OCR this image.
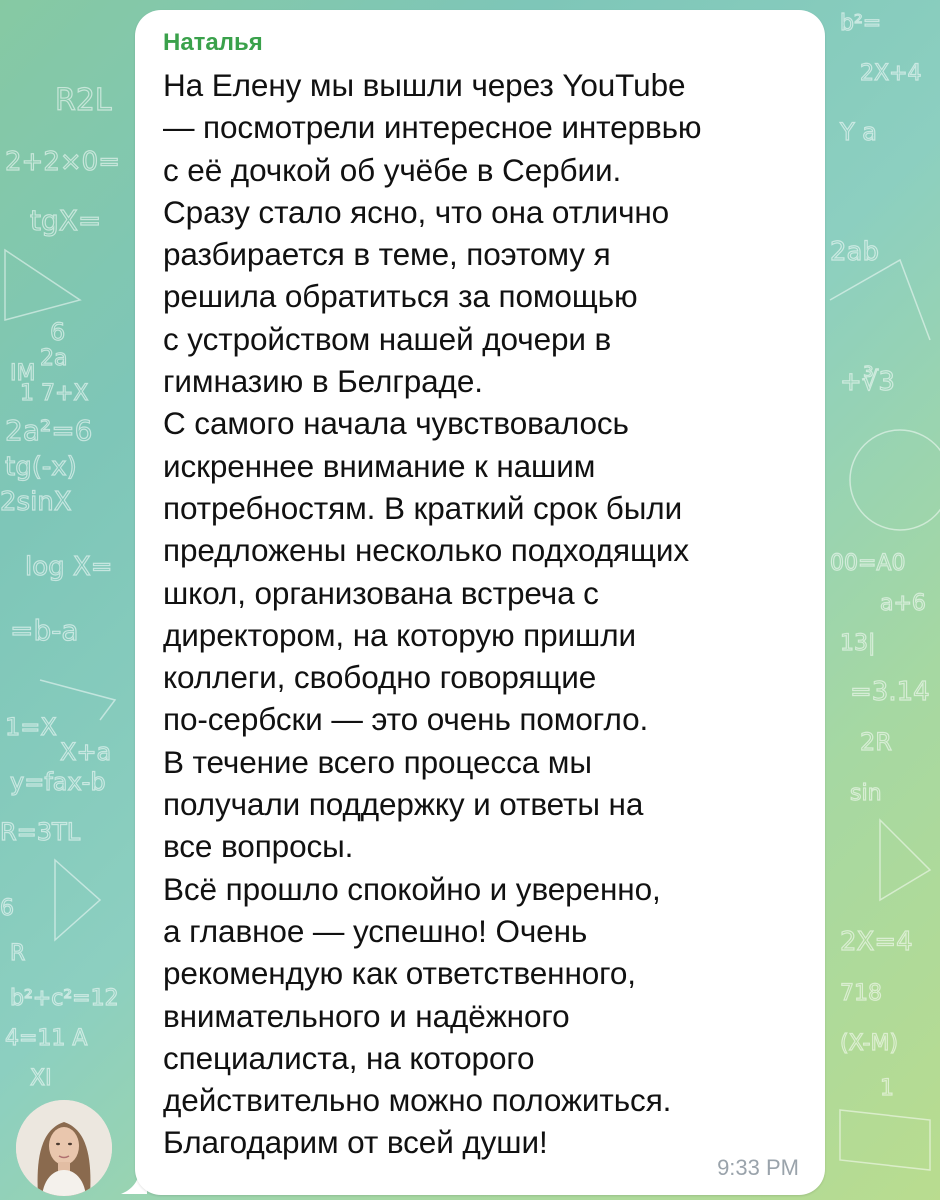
R2L
2+2×0=
tgX=
6
2a
IM
1 7+X
2a²=6
tg(-x)
2sinX
log X=
=b-a
1=X
X+a
y=fax-b
R=3TL
6
R
b²+c²=12
4=11 A
XI
b²=
2X+4
Y a
2ab
+∛3
00=A0
a+6
13|
=3.14
2R
sin
2X=4
718
(X-M)
1
Наталья
На Елену мы вышли через YouTube
— посмотрели интересное интервью
с её дочкой об учёбе в Сербии.
Сразу стало ясно, что она отлично
разбирается в теме, поэтому я
решила обратиться за помощью
с устройством нашей дочери в
гимназию в Белграде.
С самого начала чувствовалось
искреннее внимание к нашим
потребностям. В краткий срок были
предложены несколько подходящих
школ, организована встреча с
директором, на которую пришли
коллеги, свободно говорящие
по-сербски — это очень помогло.
В течение всего процесса мы
получали поддержку и ответы на
все вопросы.
Всё прошло спокойно и уверенно,
а главное — успешно! Очень
рекомендую как ответственного,
внимательного и надёжного
специалиста, на которого
действительно можно положиться.
Благодарим от всей души!
9:33 PM
